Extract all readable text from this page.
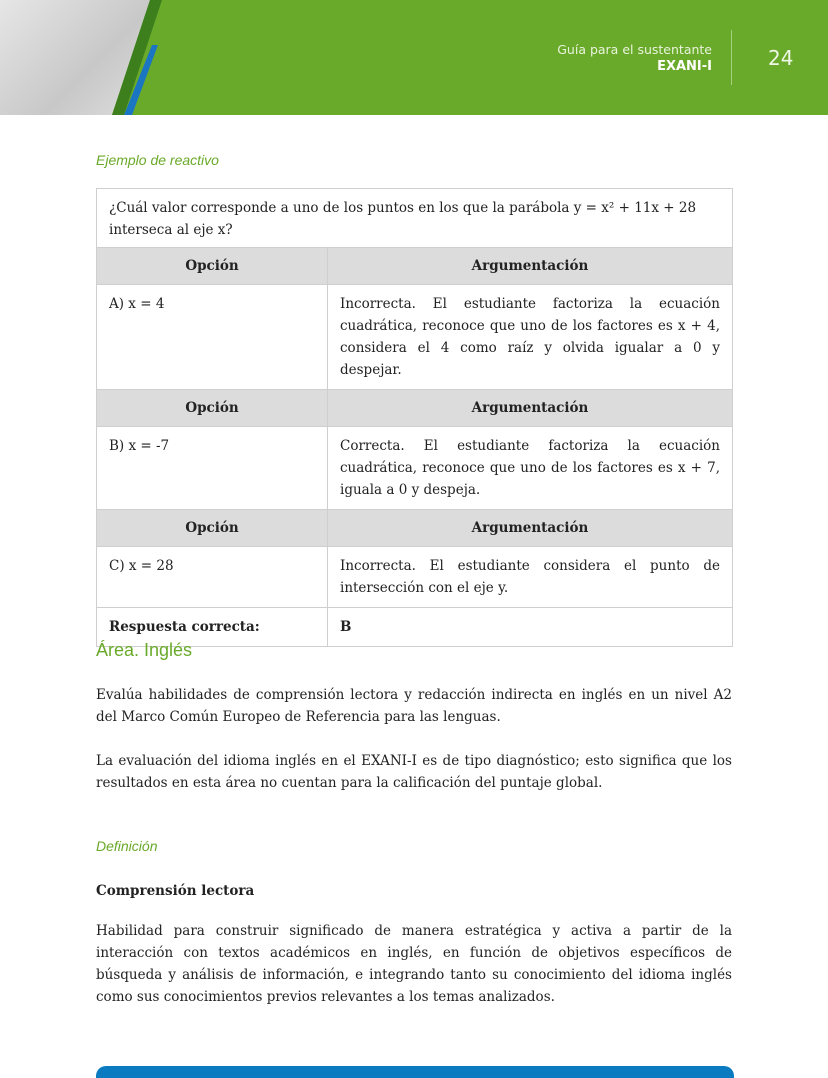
Guía para el sustentante
EXANI-I	24
Ejemplo de reactivo
¿Cuál valor corresponde a uno de los puntos en los que la parábola y = x² + 11x + 28 interseca al eje x?	
Opción	Argumentación
A) x = 4	Incorrecta. El estudiante factoriza la ecuación cuadrática, reconoce que uno de los factores es x + 4, considera el 4 como raíz y olvida igualar a 0 y despejar.
Opción	Argumentación
B) x = -7	Correcta. El estudiante factoriza la ecuación cuadrática, reconoce que uno de los factores es x + 7, iguala a 0 y despeja.
Opción	Argumentación
C) x = 28	Incorrecta. El estudiante considera el punto de intersección con el eje y.
Respuesta correcta:	B
Área. Inglés
Evalúa habilidades de comprensión lectora y redacción indirecta en inglés en un nivel A2 del Marco Común Europeo de Referencia para las lenguas.
La evaluación del idioma inglés en el EXANI-I es de tipo diagnóstico; esto significa que los resultados en esta área no cuentan para la calificación del puntaje global.
Definición
Comprensión lectora
Habilidad para construir significado de manera estratégica y activa a partir de la interacción con textos académicos en inglés, en función de objetivos específicos de búsqueda y análisis de información, e integrando tanto su conocimiento del idioma inglés como sus conocimientos previos relevantes a los temas analizados.
